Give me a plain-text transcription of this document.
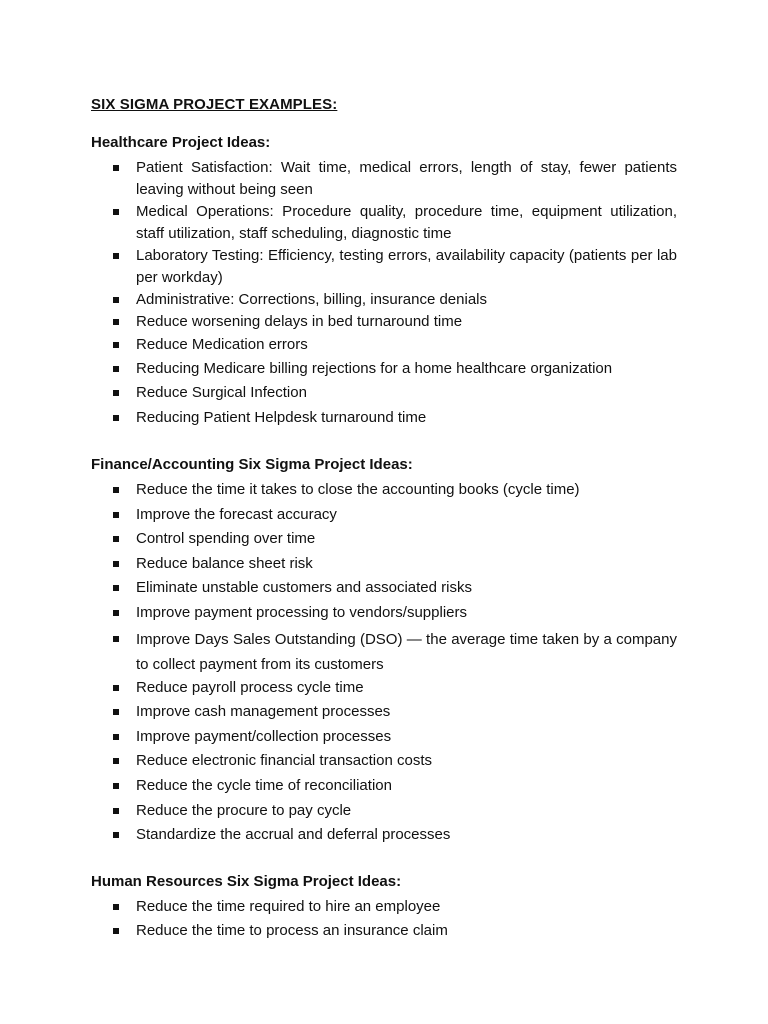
SIX SIGMA PROJECT EXAMPLES:
Healthcare Project Ideas:
Patient Satisfaction: Wait time, medical errors, length of stay, fewer patients leaving without being seen
Medical Operations: Procedure quality, procedure time, equipment utilization, staff utilization, staff scheduling, diagnostic time
Laboratory Testing: Efficiency, testing errors, availability capacity (patients per lab per workday)
Administrative: Corrections, billing, insurance denials
Reduce worsening delays in bed turnaround time
Reduce Medication errors
Reducing Medicare billing rejections for a home healthcare organization
Reduce Surgical Infection
Reducing Patient Helpdesk turnaround time
Finance/Accounting Six Sigma Project Ideas:
Reduce the time it takes to close the accounting books (cycle time)
Improve the forecast accuracy
Control spending over time
Reduce balance sheet risk
Eliminate unstable customers and associated risks
Improve payment processing to vendors/suppliers
Improve Days Sales Outstanding (DSO) — the average time taken by a company to collect payment from its customers
Reduce payroll process cycle time
Improve cash management processes
Improve payment/collection processes
Reduce electronic financial transaction costs
Reduce the cycle time of reconciliation
Reduce the procure to pay cycle
Standardize the accrual and deferral processes
Human Resources Six Sigma Project Ideas:
Reduce the time required to hire an employee
Reduce the time to process an insurance claim
